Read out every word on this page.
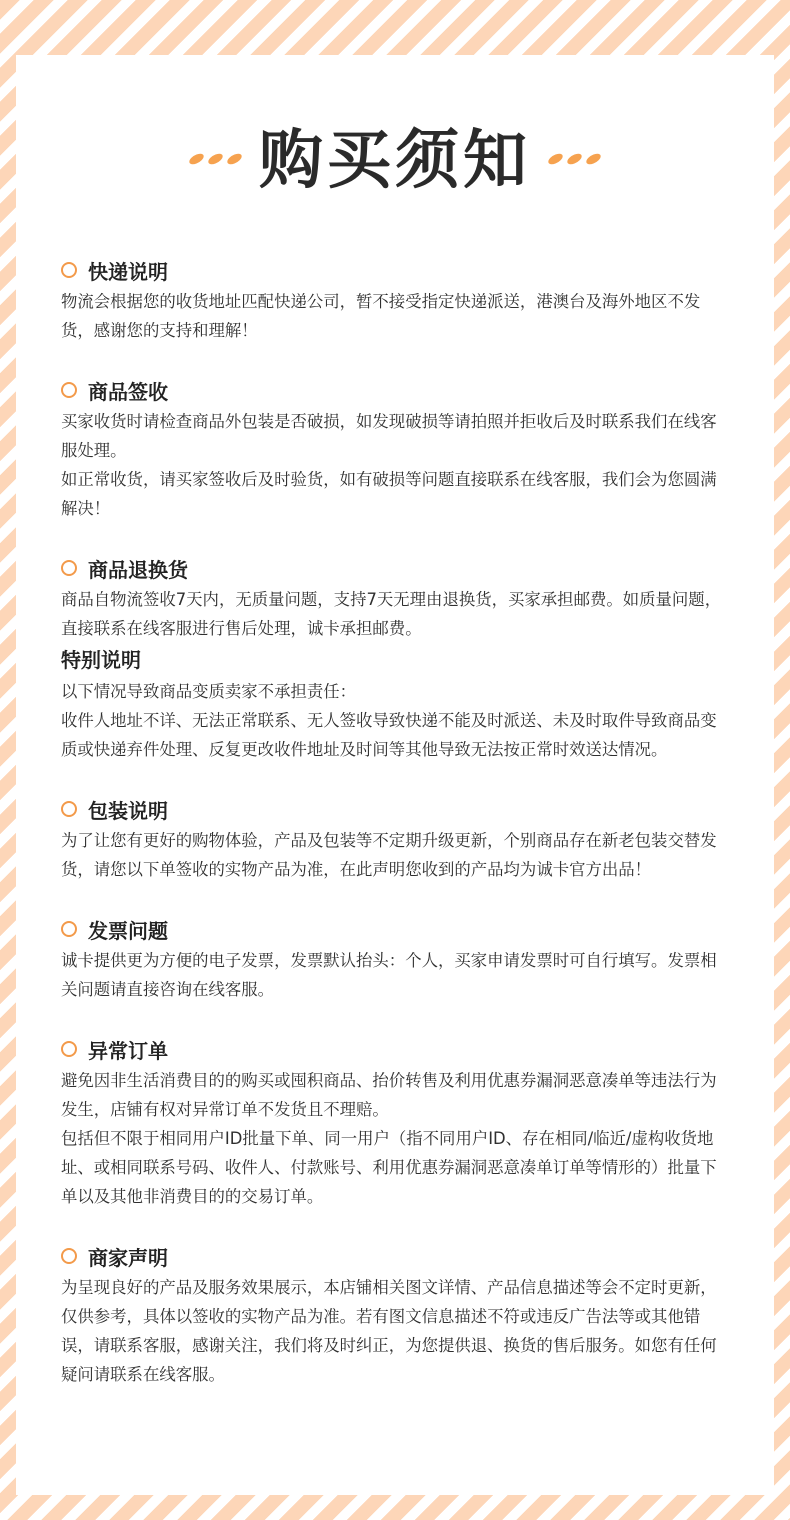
购买须知
快递说明
物流会根据您的收货地址匹配快递公司，暂不接受指定快递派送，港澳台及海外地区不发货，感谢您的支持和理解！
商品签收
买家收货时请检查商品外包装是否破损，如发现破损等请拍照并拒收后及时联系我们在线客服处理。
如正常收货，请买家签收后及时验货，如有破损等问题直接联系在线客服，我们会为您圆满解决！
商品退换货
商品自物流签收7天内，无质量问题，支持7天无理由退换货，买家承担邮费。如质量问题，直接联系在线客服进行售后处理，诚卡承担邮费。
特别说明
以下情况导致商品变质卖家不承担责任：
收件人地址不详、无法正常联系、无人签收导致快递不能及时派送、未及时取件导致商品变质或快递弃件处理、反复更改收件地址及时间等其他导致无法按正常时效送达情况。
包装说明
为了让您有更好的购物体验，产品及包装等不定期升级更新，个别商品存在新老包装交替发货，请您以下单签收的实物产品为准，在此声明您收到的产品均为诚卡官方出品！
发票问题
诚卡提供更为方便的电子发票，发票默认抬头：个人，买家申请发票时可自行填写。发票相关问题请直接咨询在线客服。
异常订单
避免因非生活消费目的的购买或囤积商品、抬价转售及利用优惠券漏洞恶意凑单等违法行为发生，店铺有权对异常订单不发货且不理赔。
包括但不限于相同用户ID批量下单、同一用户（指不同用户ID、存在相同/临近/虚构收货地址、或相同联系号码、收件人、付款账号、利用优惠券漏洞恶意凑单订单等情形的）批量下单以及其他非消费目的的交易订单。
商家声明
为呈现良好的产品及服务效果展示，本店铺相关图文详情、产品信息描述等会不定时更新，仅供参考，具体以签收的实物产品为准。若有图文信息描述不符或违反广告法等或其他错误，请联系客服，感谢关注，我们将及时纠正，为您提供退、换货的售后服务。如您有任何疑问请联系在线客服。
